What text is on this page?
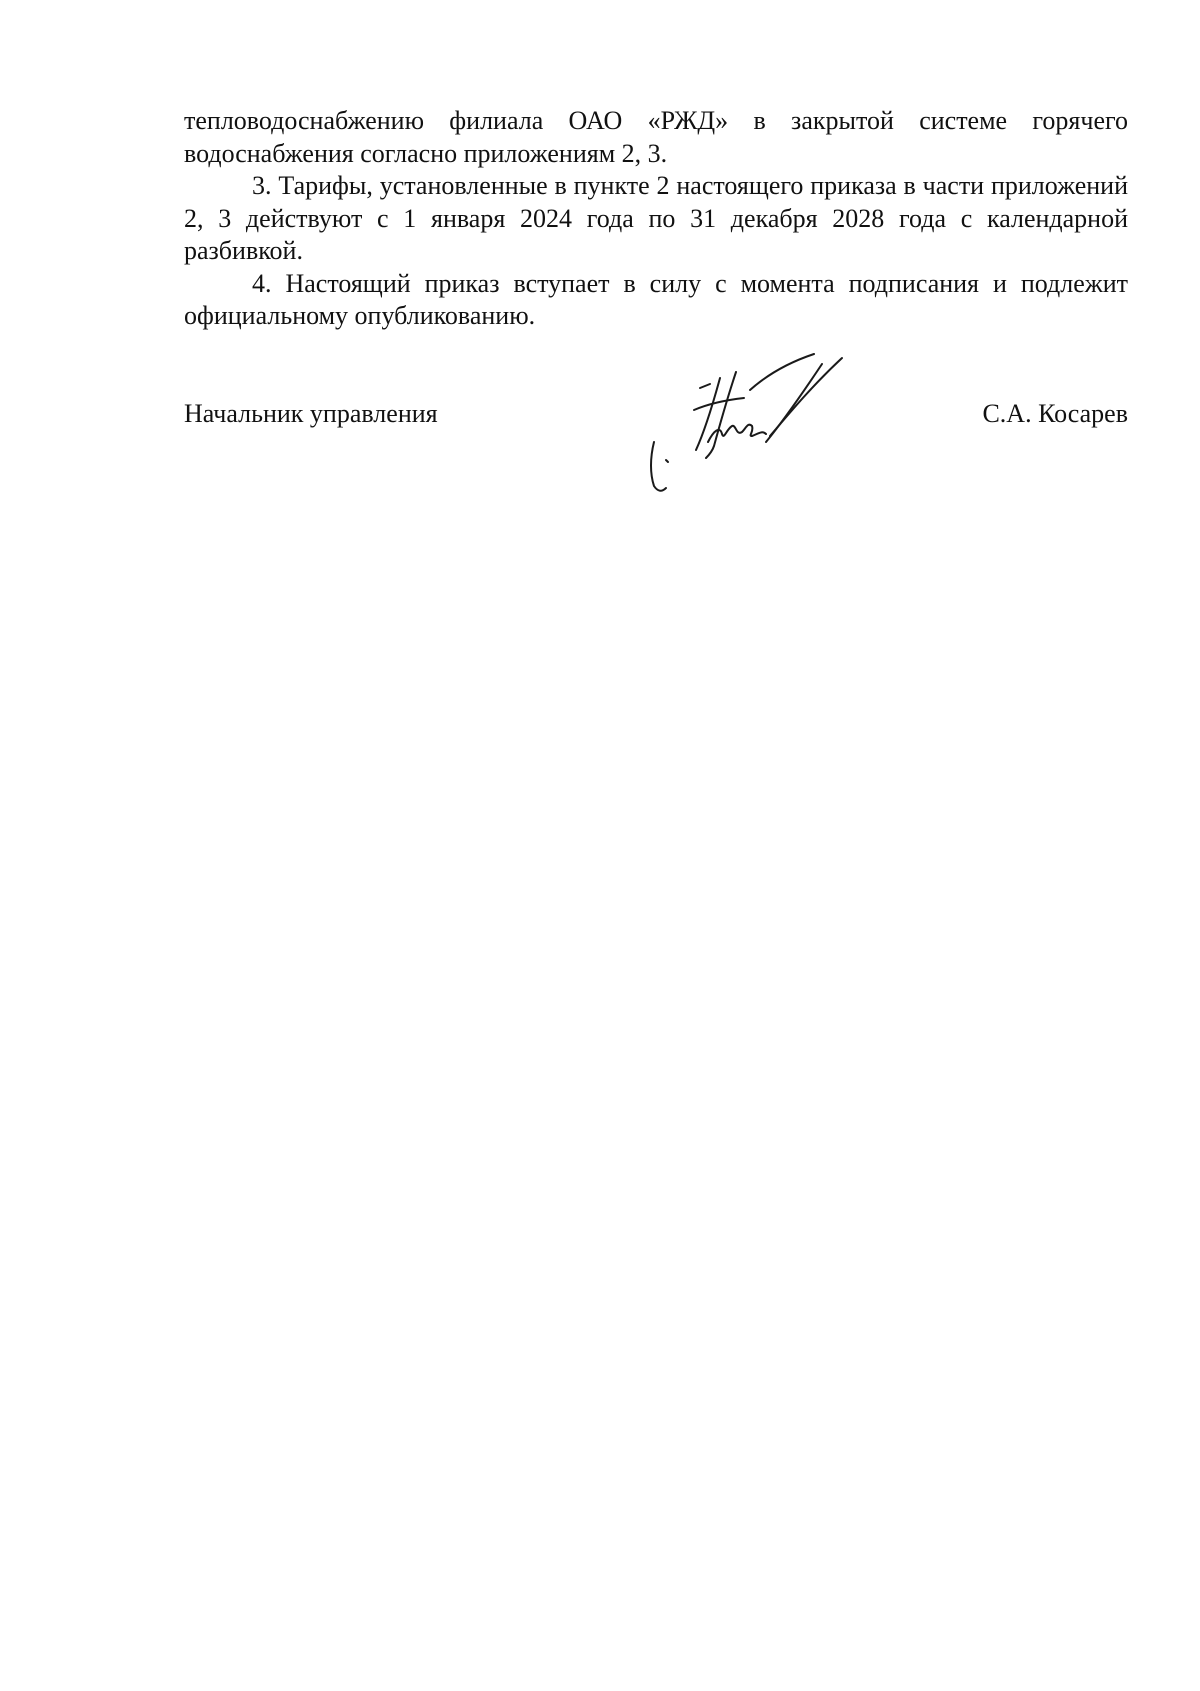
тепловодоснабжению филиала ОАО «РЖД» в закрытой системе горячего водоснабжения согласно приложениям 2, 3.

3. Тарифы, установленные в пункте 2 настоящего приказа в части приложений 2, 3 действуют с 1 января 2024 года по 31 декабря 2028 года с календарной разбивкой.

4. Настоящий приказ вступает в силу с момента подписания и подлежит официальному опубликованию.

Начальник управления	С.А. Косарев
